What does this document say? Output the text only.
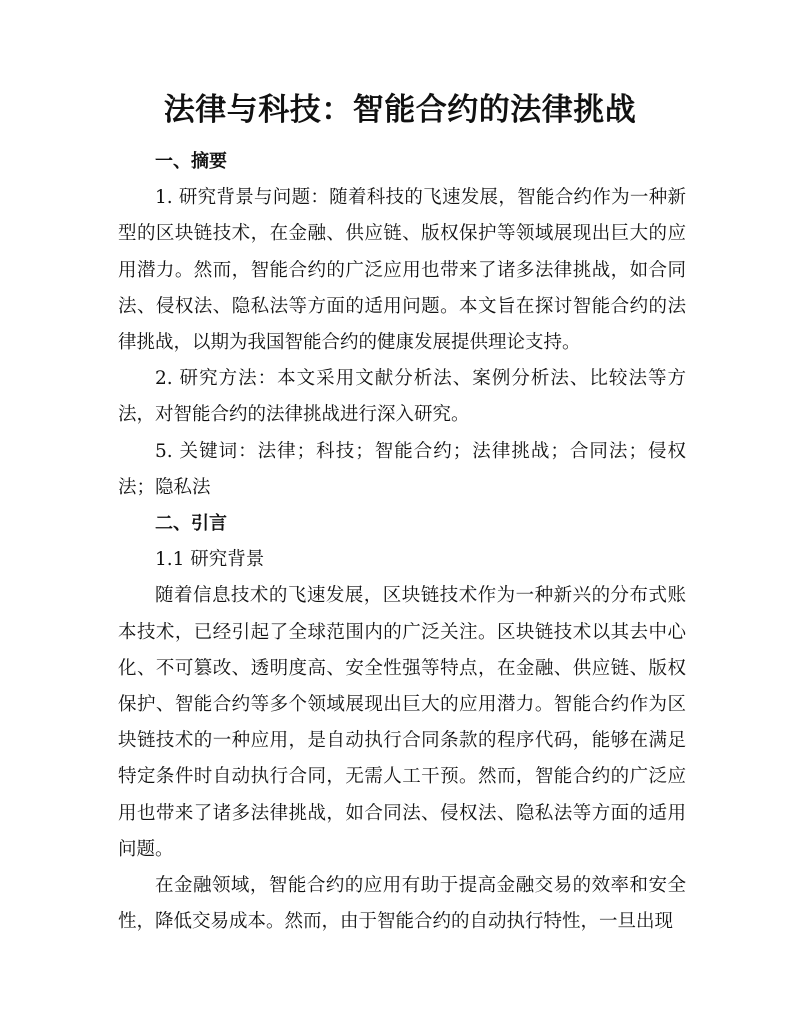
法律与科技：智能合约的法律挑战

一、摘要

1. 研究背景与问题：随着科技的飞速发展，智能合约作为一种新型的区块链技术，在金融、供应链、版权保护等领域展现出巨大的应用潜力。然而，智能合约的广泛应用也带来了诸多法律挑战，如合同法、侵权法、隐私法等方面的适用问题。本文旨在探讨智能合约的法律挑战，以期为我国智能合约的健康发展提供理论支持。

2. 研究方法：本文采用文献分析法、案例分析法、比较法等方法，对智能合约的法律挑战进行深入研究。

5. 关键词：法律；科技；智能合约；法律挑战；合同法；侵权法；隐私法

二、引言

1.1 研究背景

随着信息技术的飞速发展，区块链技术作为一种新兴的分布式账本技术，已经引起了全球范围内的广泛关注。区块链技术以其去中心化、不可篡改、透明度高、安全性强等特点，在金融、供应链、版权保护、智能合约等多个领域展现出巨大的应用潜力。智能合约作为区块链技术的一种应用，是自动执行合同条款的程序代码，能够在满足特定条件时自动执行合同，无需人工干预。然而，智能合约的广泛应用也带来了诸多法律挑战，如合同法、侵权法、隐私法等方面的适用问题。

在金融领域，智能合约的应用有助于提高金融交易的效率和安全性，降低交易成本。然而，由于智能合约的自动执行特性，一旦出现
